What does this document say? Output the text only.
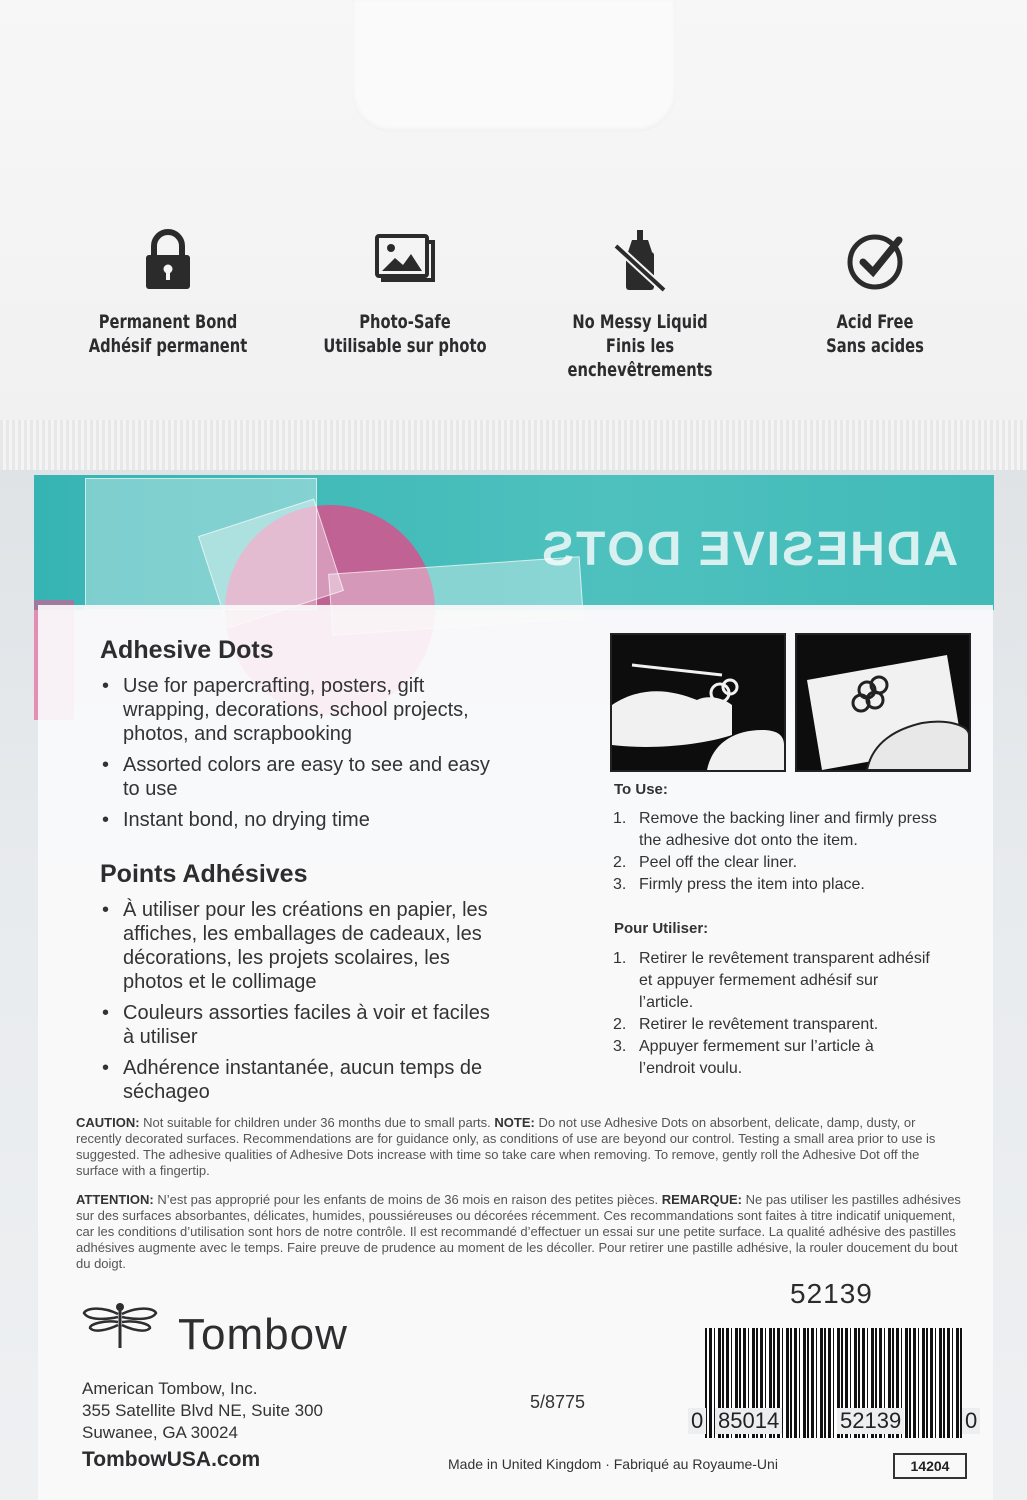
Permanent Bond
Adhésif permanent
Photo-Safe
Utilisable sur photo
No Messy Liquid
Finis les enchevêtrements
Acid Free
Sans acides
ADHESIVE DOTS
Adhesive Dots
• Use for papercrafting, posters, gift wrapping, decorations, school projects, photos, and scrapbooking
• Assorted colors are easy to see and easy to use
• Instant bond, no drying time
Points Adhésives
• À utiliser pour les créations en papier, les affiches, les emballages de cadeaux, les décorations, les projets scolaires, les photos et le collimage
• Couleurs assorties faciles à voir et faciles à utiliser
• Adhérence instantanée, aucun temps de séchageo
To Use:
1. Remove the backing liner and firmly press the adhesive dot onto the item.
2. Peel off the clear liner.
3. Firmly press the item into place.
Pour Utiliser:
1. Retirer le revêtement transparent adhésif et appuyer fermement adhésif sur l’article.
2. Retirer le revêtement transparent.
3. Appuyer fermement sur l’article à l’endroit voulu.
CAUTION: Not suitable for children under 36 months due to small parts. NOTE: Do not use Adhesive Dots on absorbent, delicate, damp, dusty, or recently decorated surfaces. Recommendations are for guidance only, as conditions of use are beyond our control. Testing a small area prior to use is suggested. The adhesive qualities of Adhesive Dots increase with time so take care when removing. To remove, gently roll the Adhesive Dot off the surface with a fingertip.
ATTENTION: N’est pas approprié pour les enfants de moins de 36 mois en raison des petites pièces. REMARQUE: Ne pas utiliser les pastilles adhésives sur des surfaces absorbantes, délicates, humides, poussiéreuses ou décorées récemment. Ces recommandations sont faites à titre indicatif uniquement, car les conditions d’utilisation sont hors de notre contrôle. Il est recommandé d’effectuer un essai sur une petite surface. La qualité adhésive des pastilles adhésives augmente avec le temps. Faire preuve de prudence au moment de les décoller. Pour retirer une pastille adhésive, la rouler doucement du bout du doigt.
52139
Tombow
American Tombow, Inc.
355 Satellite Blvd NE, Suite 300
Suwanee, GA 30024
5/8775
0 85014	52139	0
TombowUSA.com	Made in United Kingdom · Fabriqué au Royaume-Uni	14204
